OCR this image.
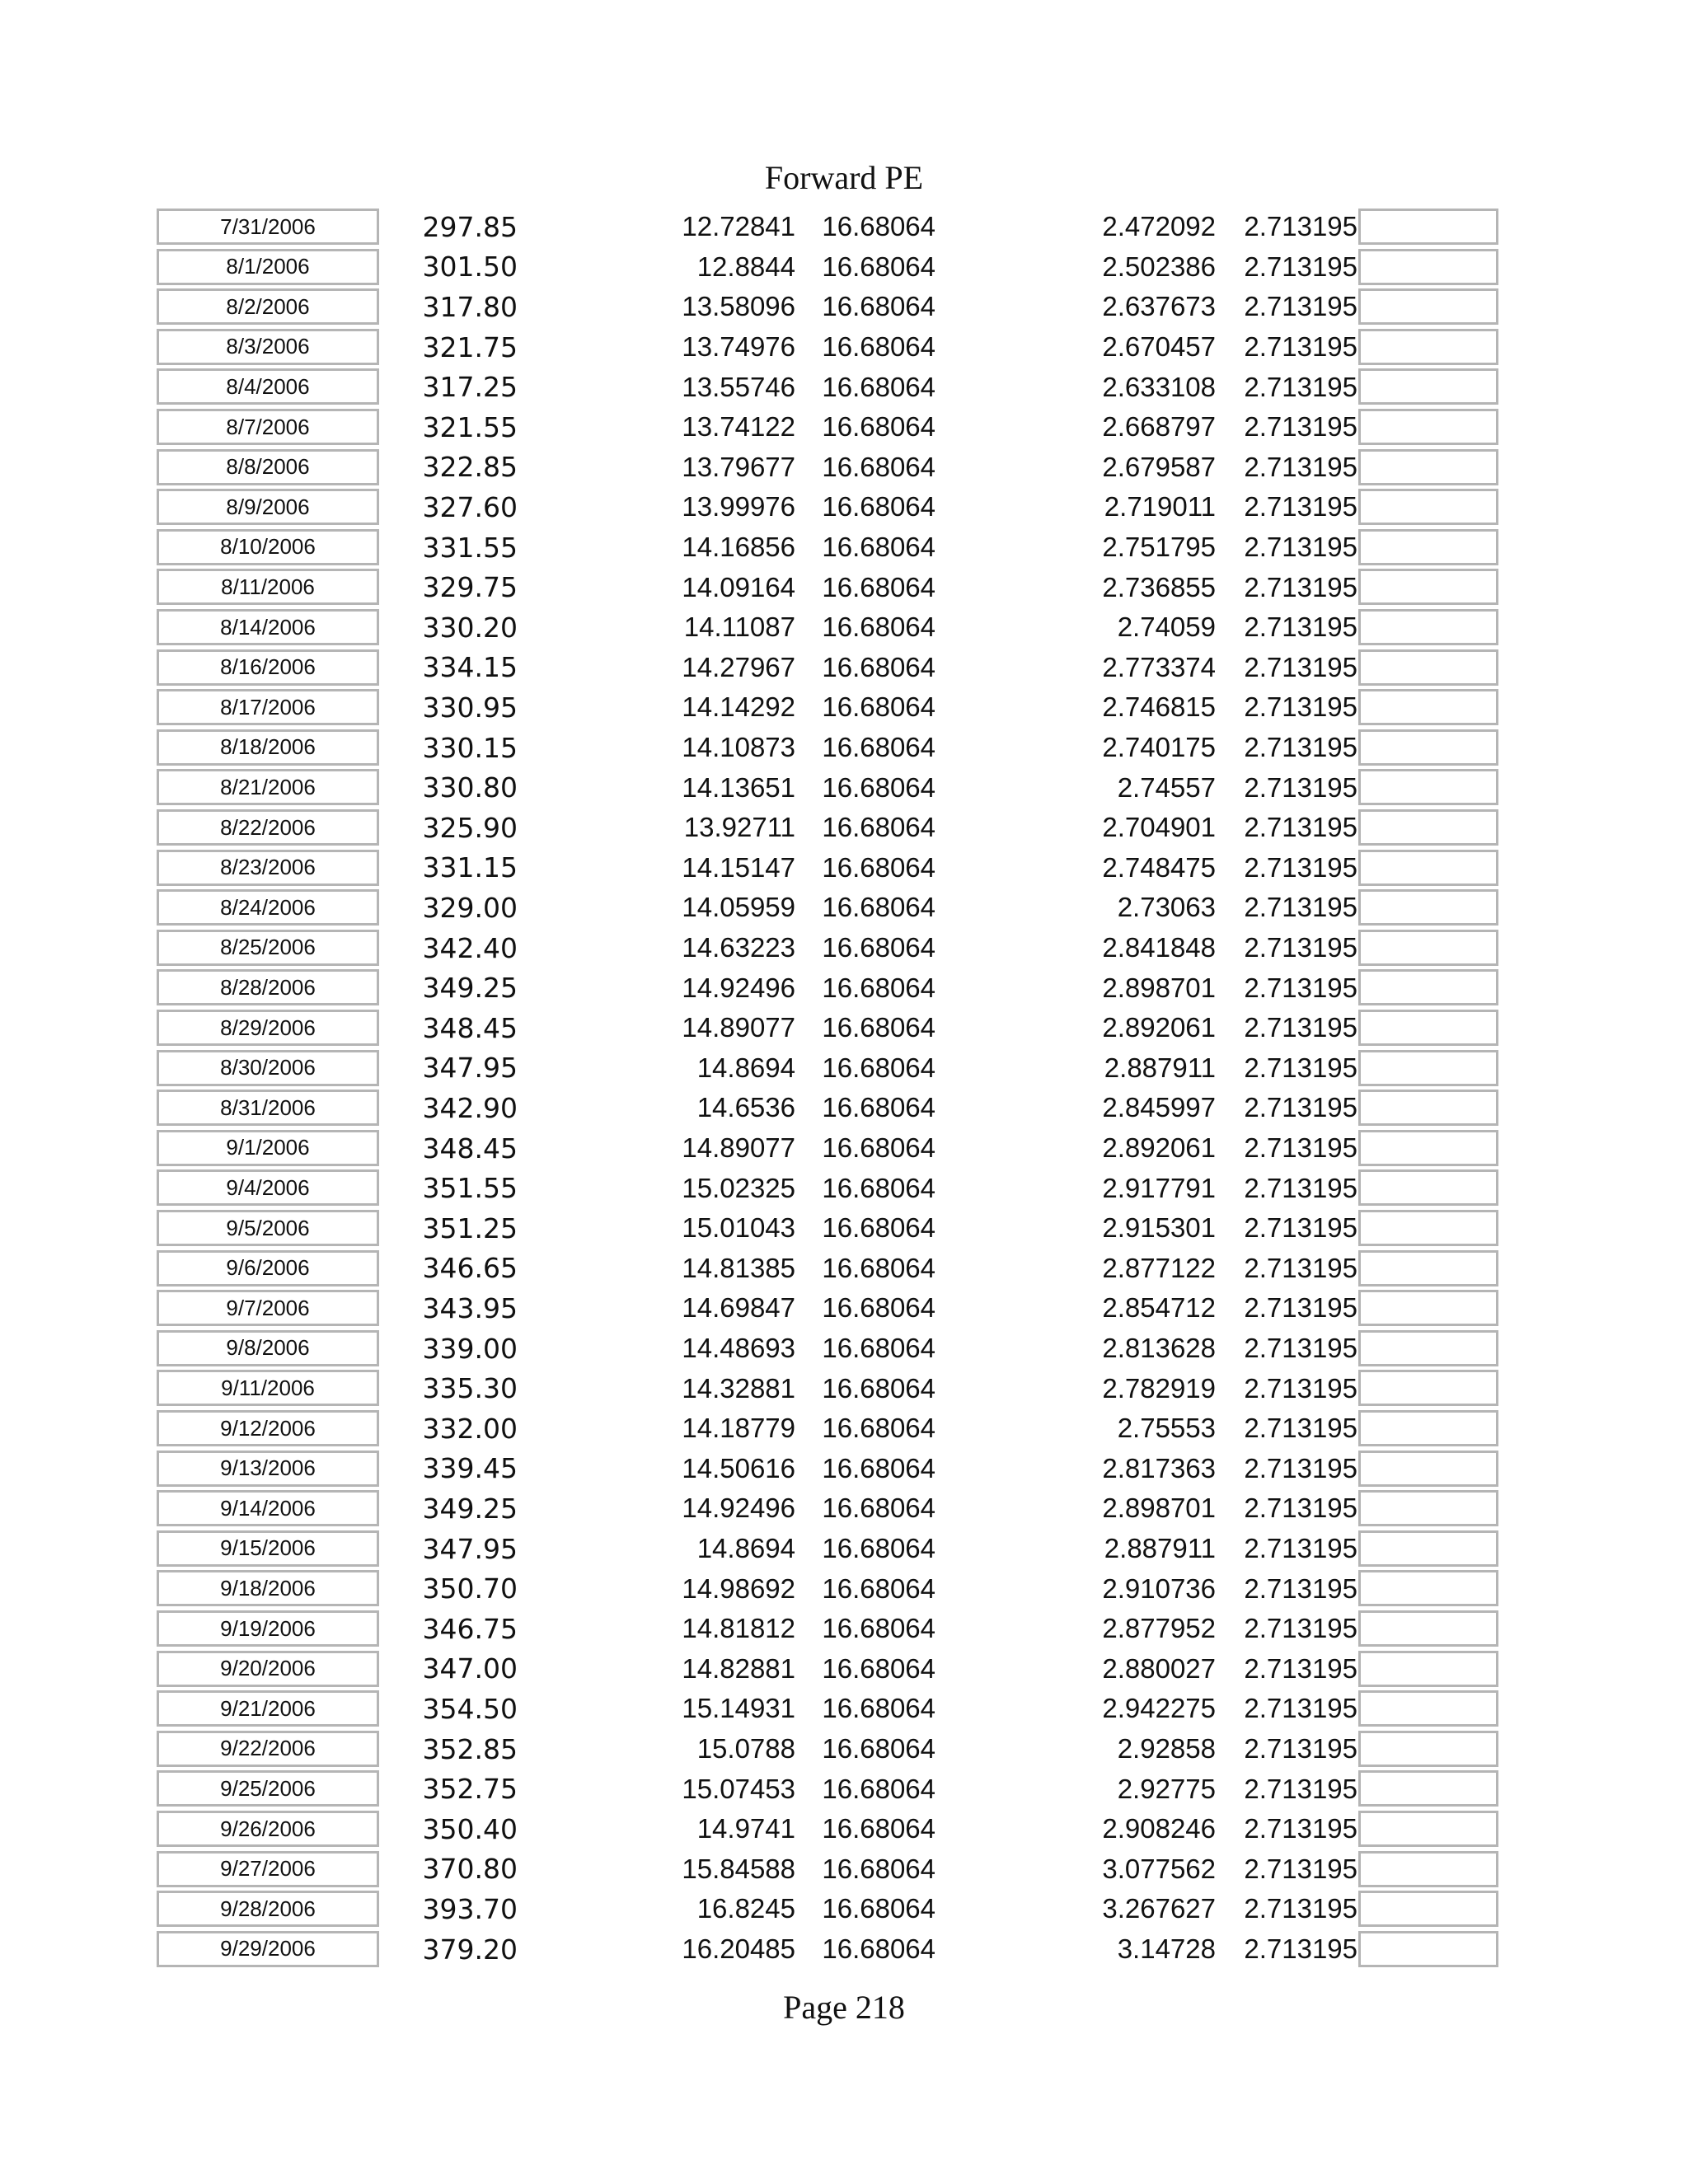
Forward PE
7/31/2006	297.85	12.72841 16.68064	2.472092	2.713195
8/1/2006	301.50	12.8844 16.68064	2.502386	2.713195
8/2/2006	317.80	13.58096 16.68064	2.637673	2.713195
8/3/2006	321.75	13.74976 16.68064	2.670457	2.713195
8/4/2006	317.25	13.55746 16.68064	2.633108	2.713195
8/7/2006	321.55	13.74122 16.68064	2.668797	2.713195
8/8/2006	322.85	13.79677 16.68064	2.679587	2.713195
8/9/2006	327.60	13.99976 16.68064	2.719011	2.713195
8/10/2006	331.55	14.16856 16.68064	2.751795	2.713195
8/11/2006	329.75	14.09164 16.68064	2.736855	2.713195
8/14/2006	330.20	14.11087 16.68064	2.74059	2.713195
8/16/2006	334.15	14.27967 16.68064	2.773374	2.713195
8/17/2006	330.95	14.14292 16.68064	2.746815	2.713195
8/18/2006	330.15	14.10873 16.68064	2.740175	2.713195
8/21/2006	330.80	14.13651 16.68064	2.74557	2.713195
8/22/2006	325.90	13.92711 16.68064	2.704901	2.713195
8/23/2006	331.15	14.15147 16.68064	2.748475	2.713195
8/24/2006	329.00	14.05959 16.68064	2.73063	2.713195
8/25/2006	342.40	14.63223 16.68064	2.841848	2.713195
8/28/2006	349.25	14.92496 16.68064	2.898701	2.713195
8/29/2006	348.45	14.89077 16.68064	2.892061	2.713195
8/30/2006	347.95	14.8694 16.68064	2.887911	2.713195
8/31/2006	342.90	14.6536 16.68064	2.845997	2.713195
9/1/2006	348.45	14.89077 16.68064	2.892061	2.713195
9/4/2006	351.55	15.02325 16.68064	2.917791	2.713195
9/5/2006	351.25	15.01043 16.68064	2.915301	2.713195
9/6/2006	346.65	14.81385 16.68064	2.877122	2.713195
9/7/2006	343.95	14.69847 16.68064	2.854712	2.713195
9/8/2006	339.00	14.48693 16.68064	2.813628	2.713195
9/11/2006	335.30	14.32881 16.68064	2.782919	2.713195
9/12/2006	332.00	14.18779 16.68064	2.75553	2.713195
9/13/2006	339.45	14.50616 16.68064	2.817363	2.713195
9/14/2006	349.25	14.92496 16.68064	2.898701	2.713195
9/15/2006	347.95	14.8694 16.68064	2.887911	2.713195
9/18/2006	350.70	14.98692 16.68064	2.910736	2.713195
9/19/2006	346.75	14.81812 16.68064	2.877952	2.713195
9/20/2006	347.00	14.82881 16.68064	2.880027	2.713195
9/21/2006	354.50	15.14931 16.68064	2.942275	2.713195
9/22/2006	352.85	15.0788 16.68064	2.92858	2.713195
9/25/2006	352.75	15.07453 16.68064	2.92775	2.713195
9/26/2006	350.40	14.9741 16.68064	2.908246	2.713195
9/27/2006	370.80	15.84588 16.68064	3.077562	2.713195
9/28/2006	393.70	16.8245 16.68064	3.267627	2.713195
9/29/2006	379.20	16.20485 16.68064	3.14728	2.713195
Page 218
